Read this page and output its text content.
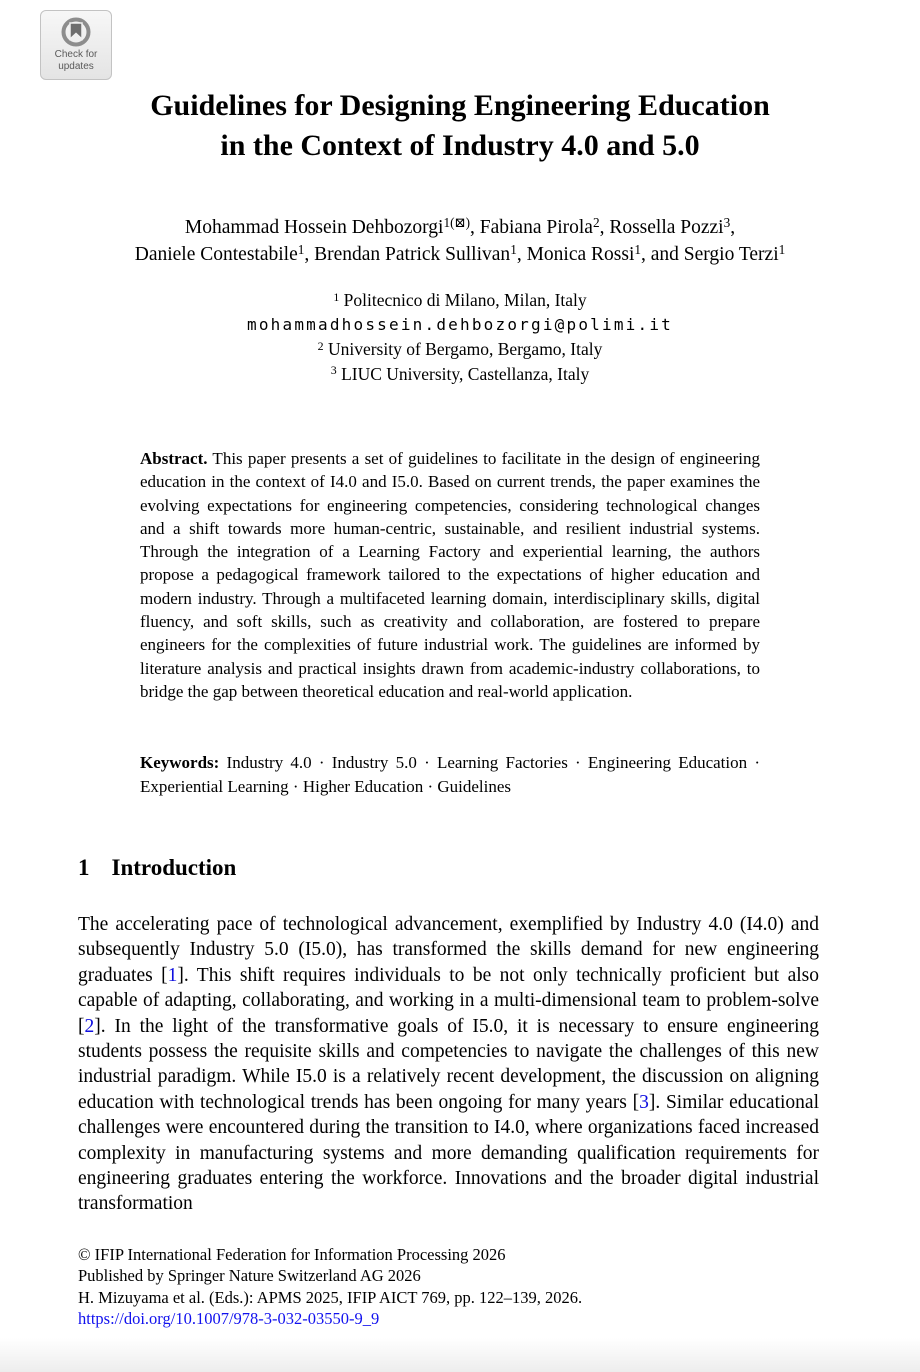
Check for
updates
Guidelines for Designing Engineering Education
in the Context of Industry 4.0 and 5.0
Mohammad Hossein Dehbozorgi$^{1(⊠)}$, Fabiana Pirola$^2$, Rossella Pozzi$^3$,
Daniele Contestabile$^1$, Brendan Patrick Sullivan$^1$, Monica Rossi$^1$, and Sergio Terzi$^1$
$^1$ Politecnico di Milano, Milan, Italy
mohammadhossein.dehbozorgi@polimi.it
$^2$ University of Bergamo, Bergamo, Italy
$^3$ LIUC University, Castellanza, Italy

Abstract. This paper presents a set of guidelines to facilitate in the design of engineering education in the context of I4.0 and I5.0. Based on current trends, the paper examines the evolving expectations for engineering competencies, considering technological changes and a shift towards more human-centric, sustainable, and resilient industrial systems. Through the integration of a Learning Factory and experiential learning, the authors propose a pedagogical framework tailored to the expectations of higher education and modern industry. Through a multifaceted learning domain, interdisciplinary skills, digital fluency, and soft skills, such as creativity and collaboration, are fostered to prepare engineers for the complexities of future industrial work. The guidelines are informed by literature analysis and practical insights drawn from academic-industry collaborations, to bridge the gap between theoretical education and real-world application.

Keywords: Industry 4.0 · Industry 5.0 · Learning Factories · Engineering Education · Experiential Learning · Higher Education · Guidelines

1 Introduction

The accelerating pace of technological advancement, exemplified by Industry 4.0 (I4.0) and subsequently Industry 5.0 (I5.0), has transformed the skills demand for new engineering graduates [1]. This shift requires individuals to be not only technically proficient but also capable of adapting, collaborating, and working in a multi-dimensional team to problem-solve [2]. In the light of the transformative goals of I5.0, it is necessary to ensure engineering students possess the requisite skills and competencies to navigate the challenges of this new industrial paradigm. While I5.0 is a relatively recent development, the discussion on aligning education with technological trends has been ongoing for many years [3]. Similar educational challenges were encountered during the transition to I4.0, where organizations faced increased complexity in manufacturing systems and more demanding qualification requirements for engineering graduates entering the workforce. Innovations and the broader digital industrial transformation

© IFIP International Federation for Information Processing 2026
Published by Springer Nature Switzerland AG 2026
H. Mizuyama et al. (Eds.): APMS 2025, IFIP AICT 769, pp. 122–139, 2026.
https://doi.org/10.1007/978-3-032-03550-9_9
